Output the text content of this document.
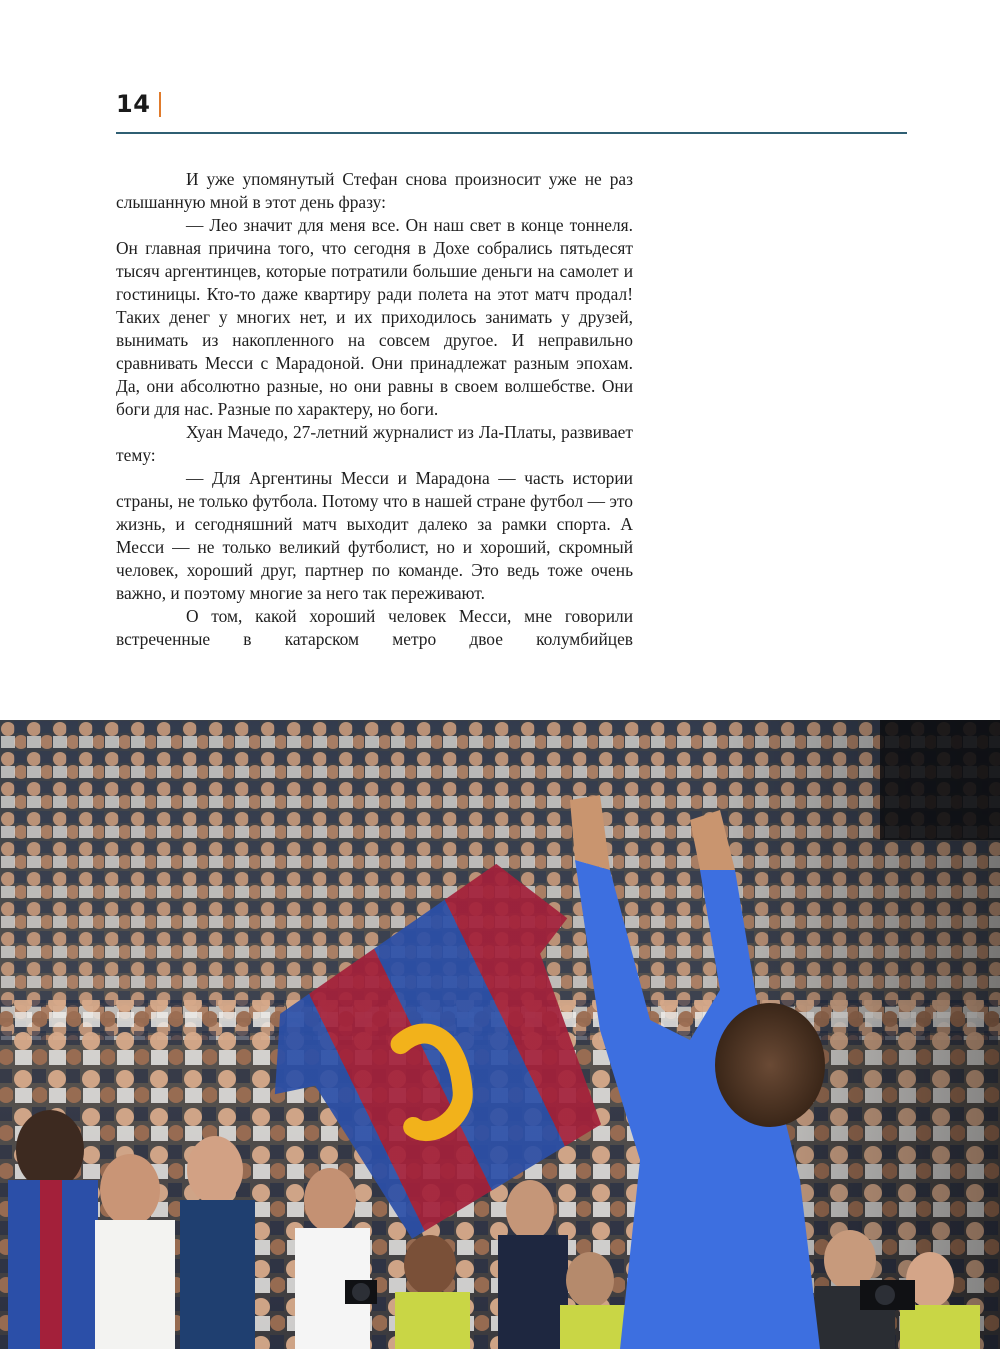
14

И уже упомянутый Стефан снова произносит уже не раз слышанную мной в этот день фразу:

— Лео значит для меня все. Он наш свет в конце тоннеля. Он главная причина того, что сегодня в Дохе собрались пятьдесят тысяч аргентинцев, которые потратили большие деньги на самолет и гостиницы. Кто-то даже квартиру ради полета на этот матч продал! Таких денег у многих нет, и их приходилось занимать у друзей, вынимать из накопленного на совсем другое. И неправильно сравнивать Месси с Марадоной. Они принадлежат разным эпохам. Да, они абсолютно разные, но они равны в своем волшебстве. Они боги для нас. Разные по характеру, но боги.

Хуан Мачедо, 27-летний журналист из Ла-Платы, развивает тему:

— Для Аргентины Месси и Марадона — часть истории страны, не только футбола. Потому что в нашей стране футбол — это жизнь, и сегодняшний матч выходит далеко за рамки спорта. А Месси — не только великий футболист, но и хороший, скромный человек, хороший друг, партнер по команде. Это ведь тоже очень важно, и поэтому многие за него так переживают.

О том, какой хороший человек Месси, мне говорили встреченные в катарском метро двое колумбийцев
